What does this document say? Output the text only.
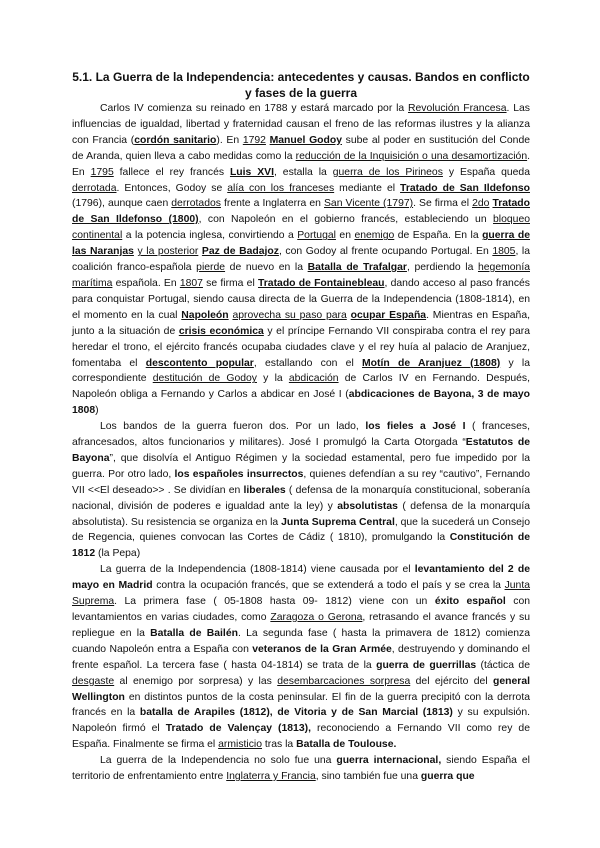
5.1. La Guerra de la Independencia: antecedentes y causas. Bandos en conflicto y fases de la guerra

Carlos IV comienza su reinado en 1788 y estará marcado por la Revolución Francesa. Las influencias de igualdad, libertad y fraternidad causan el freno de las reformas ilustres y la alianza con Francia (cordón sanitario). En 1792 Manuel Godoy sube al poder en sustitución del Conde de Aranda, quien lleva a cabo medidas como la reducción de la Inquisición o una desamortización. En 1795 fallece el rey francés Luis XVI, estalla la guerra de los Pirineos y España queda derrotada. Entonces, Godoy se alía con los franceses mediante el Tratado de San Ildefonso (1796), aunque caen derrotados frente a Inglaterra en San Vicente (1797). Se firma el 2do Tratado de San Ildefonso (1800), con Napoleón en el gobierno francés, estableciendo un bloqueo continental a la potencia inglesa, convirtiendo a Portugal en enemigo de España. En la guerra de las Naranjas y la posterior Paz de Badajoz, con Godoy al frente ocupando Portugal. En 1805, la coalición franco-española pierde de nuevo en la Batalla de Trafalgar, perdiendo la hegemonía marítima española. En 1807 se firma el Tratado de Fontainebleau, dando acceso al paso francés para conquistar Portugal, siendo causa directa de la Guerra de la Independencia (1808-1814), en el momento en la cual Napoleón aprovecha su paso para ocupar España. Mientras en España, junto a la situación de crisis económica y el príncipe Fernando VII conspiraba contra el rey para heredar el trono, el ejército francés ocupaba ciudades clave y el rey huía al palacio de Aranjuez, fomentaba el descontento popular, estallando con el Motín de Aranjuez (1808) y la correspondiente destitución de Godoy y la abdicación de Carlos IV en Fernando. Después, Napoleón obliga a Fernando y Carlos a abdicar en José I (abdicaciones de Bayona, 3 de mayo 1808)

Los bandos de la guerra fueron dos. Por un lado, los fieles a José I ( franceses, afrancesados, altos funcionarios y militares). José I promulgó la Carta Otorgada “Estatutos de Bayona”, que disolvía el Antiguo Régimen y la sociedad estamental, pero fue impedido por la guerra. Por otro lado, los españoles insurrectos, quienes defendían a su rey “cautivo”, Fernando VII <<El deseado>> . Se dividían en liberales ( defensa de la monarquía constitucional, soberanía nacional, división de poderes e igualdad ante la ley) y absolutistas ( defensa de la monarquía absolutista). Su resistencia se organiza en la Junta Suprema Central, que la sucederá un Consejo de Regencia, quienes convocan las Cortes de Cádiz ( 1810), promulgando la Constitución de 1812 (la Pepa)

La guerra de la Independencia (1808-1814) viene causada por el levantamiento del 2 de mayo en Madrid contra la ocupación francés, que se extenderá a todo el país y se crea la Junta Suprema. La primera fase ( 05-1808 hasta 09- 1812) viene con un éxito español con levantamientos en varias ciudades, como Zaragoza o Gerona, retrasando el avance francés y su repliegue en la Batalla de Bailén. La segunda fase ( hasta la primavera de 1812) comienza cuando Napoleón entra a España con veteranos de la Gran Armée, destruyendo y dominando el frente español. La tercera fase ( hasta 04-1814) se trata de la guerra de guerrillas (táctica de desgaste al enemigo por sorpresa) y las desembarcaciones sorpresa del ejército del general Wellington en distintos puntos de la costa peninsular. El fin de la guerra precipitó con la derrota francés en la batalla de Arapiles (1812), de Vitoria y de San Marcial (1813) y su expulsión. Napoleón firmó el Tratado de Valençay (1813), reconociendo a Fernando VII como rey de España. Finalmente se firma el armisticio tras la Batalla de Toulouse.

La guerra de la Independencia no solo fue una guerra internacional, siendo España el territorio de enfrentamiento entre Inglaterra y Francia, sino también fue una guerra que
